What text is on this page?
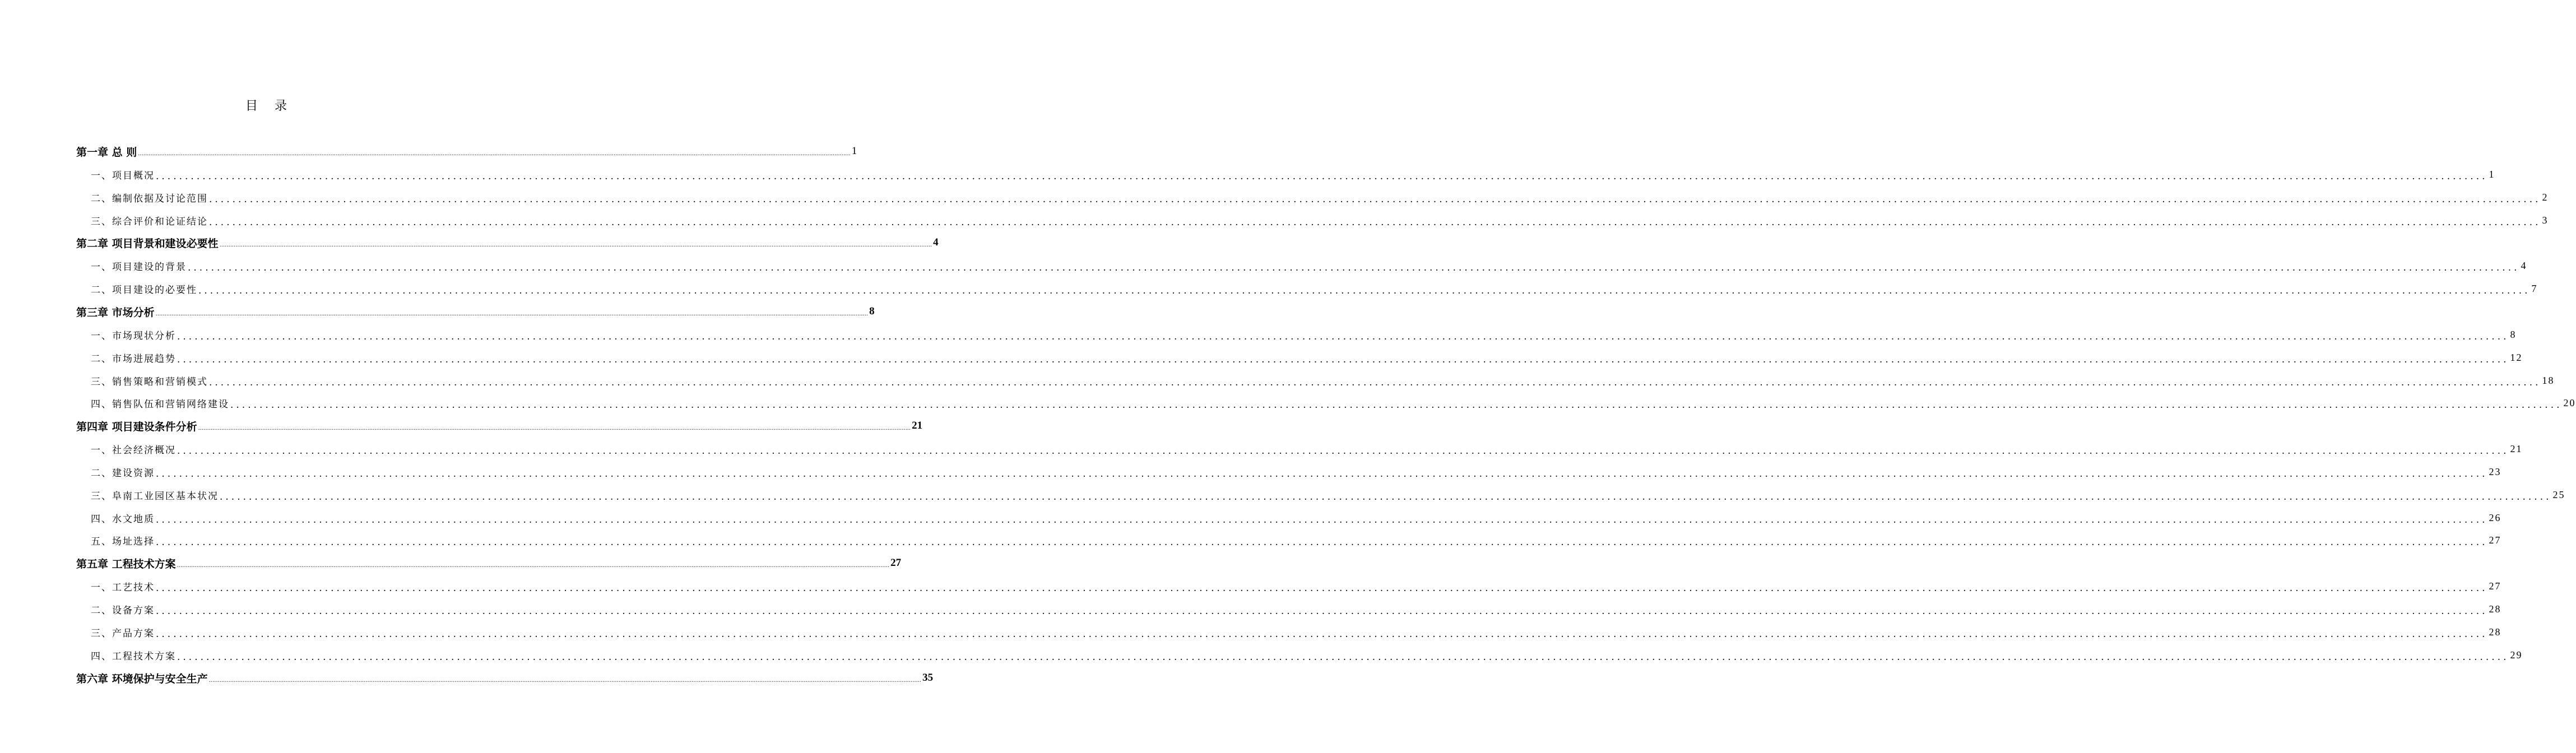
目 录
第一章 总 则 ................................................................................................................................................................................................................................................................................................................................................................................................................ 1
一、项目概况 ................................................................................................................................................................................................................................................................................................................................................................................................................ 1
二、编制依据及讨论范围 ................................................................................................................................................................................................................................................................................................................................................................................................................ 2
三、综合评价和论证结论 ................................................................................................................................................................................................................................................................................................................................................................................................................ 3
第二章 项目背景和建设必要性 ................................................................................................................................................................................................................................................................................................................................................................................................................ 4
一、项目建设的背景 ................................................................................................................................................................................................................................................................................................................................................................................................................ 4
二、项目建设的必要性 ................................................................................................................................................................................................................................................................................................................................................................................................................ 7
第三章 市场分析 ................................................................................................................................................................................................................................................................................................................................................................................................................ 8
一、市场现状分析 ................................................................................................................................................................................................................................................................................................................................................................................................................ 8
二、市场进展趋势 ................................................................................................................................................................................................................................................................................................................................................................................................................ 12
三、销售策略和营销模式 ................................................................................................................................................................................................................................................................................................................................................................................................................ 18
四、销售队伍和营销网络建设 ................................................................................................................................................................................................................................................................................................................................................................................................................ 20
第四章 项目建设条件分析 ................................................................................................................................................................................................................................................................................................................................................................................................................ 21
一、社会经济概况 ................................................................................................................................................................................................................................................................................................................................................................................................................ 21
二、建设资源 ................................................................................................................................................................................................................................................................................................................................................................................................................ 23
三、阜南工业园区基本状况 ................................................................................................................................................................................................................................................................................................................................................................................................................ 25
四、水文地质 ................................................................................................................................................................................................................................................................................................................................................................................................................ 26
五、场址选择 ................................................................................................................................................................................................................................................................................................................................................................................................................ 27
第五章 工程技术方案 ................................................................................................................................................................................................................................................................................................................................................................................................................ 27
一、工艺技术 ................................................................................................................................................................................................................................................................................................................................................................................................................ 27
二、设备方案 ................................................................................................................................................................................................................................................................................................................................................................................................................ 28
三、产品方案 ................................................................................................................................................................................................................................................................................................................................................................................................................ 28
四、工程技术方案 ................................................................................................................................................................................................................................................................................................................................................................................................................ 29
第六章 环境保护与安全生产 ................................................................................................................................................................................................................................................................................................................................................................................................................ 35
